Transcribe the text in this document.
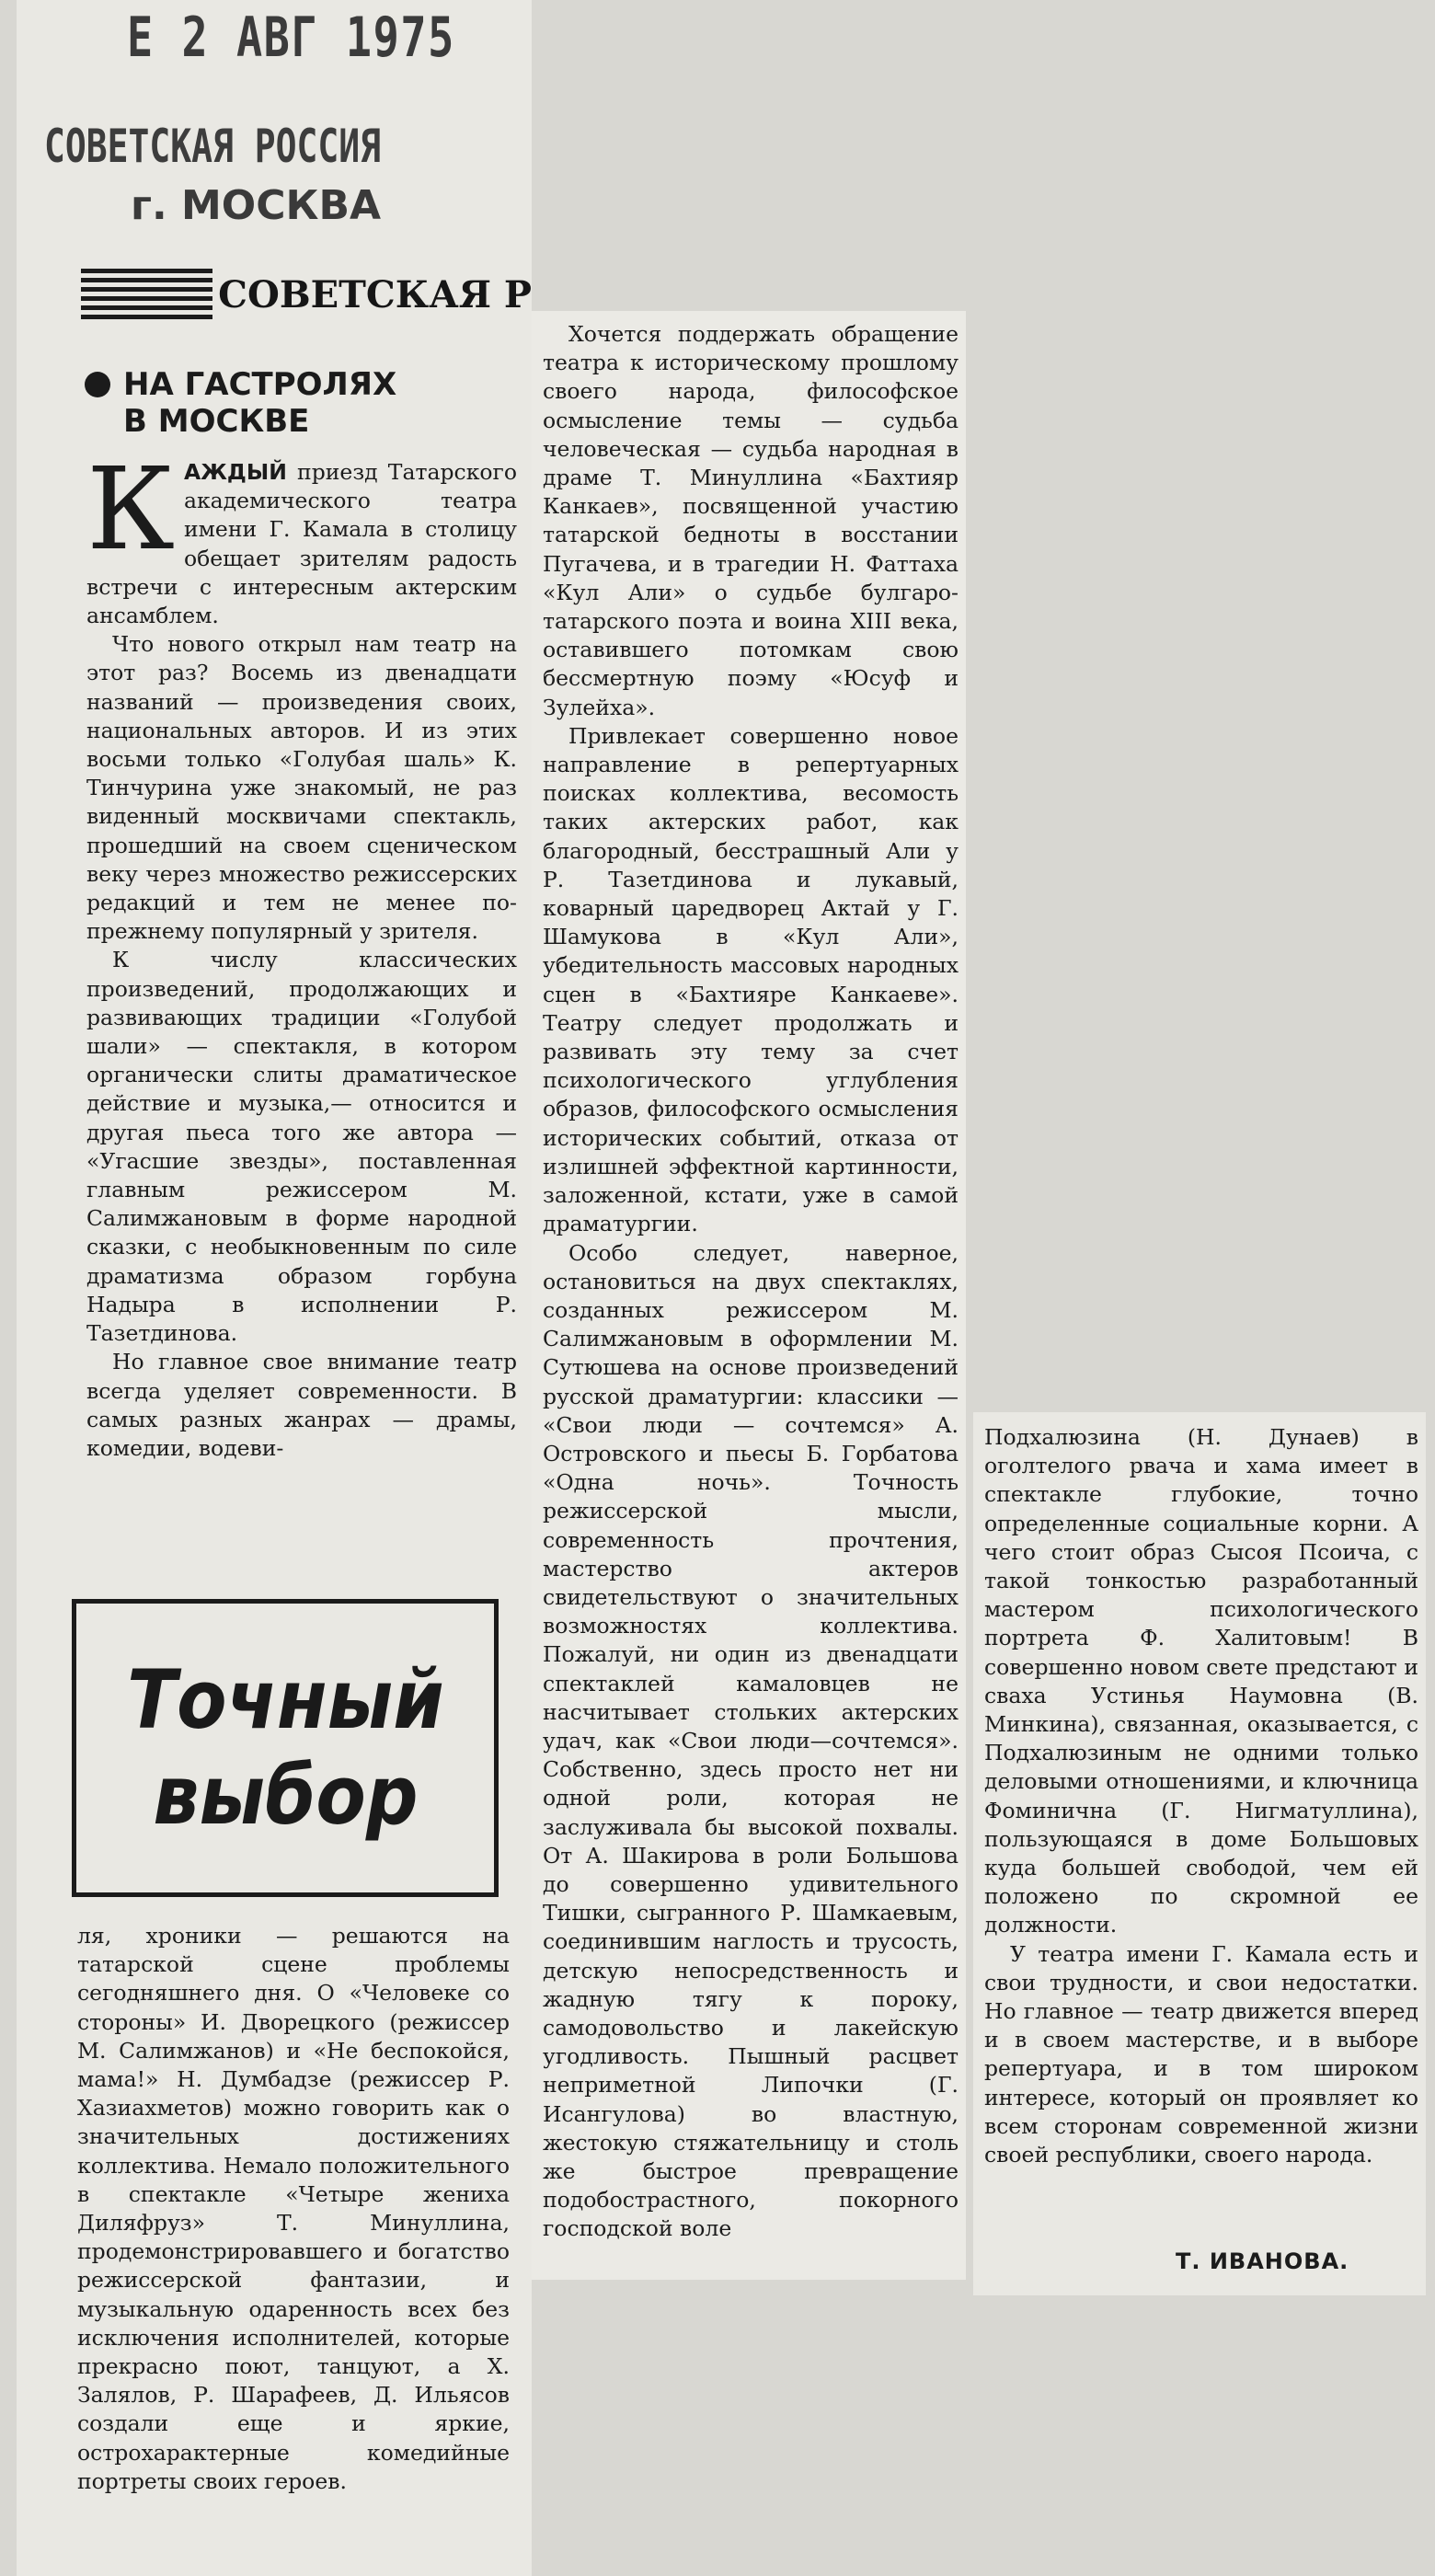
Е 2 АВГ 1975
СОВЕТСКАЯ РОССИЯ
г. МОСКВА
СОВЕТСКАЯ Р
НА ГАСТРОЛЯХ В МОСКВЕ

КАЖДЫЙ приезд Татарского академического театра имени Г. Камала в столицу обещает зрителям радость встречи с интересным актерским ансамблем.

Что нового открыл нам театр на этот раз? Восемь из двенадцати названий — произведения своих, национальных авторов. И из этих восьми только «Голубая шаль» К. Тинчурина уже знакомый, не раз виденный москвичами спектакль, прошедший на своем сценическом веку через множество режиссерских редакций и тем не менее по-прежнему популярный у зрителя.

К числу классических произведений, продолжающих и развивающих традиции «Голубой шали» — спектакля, в котором органически слиты драматическое действие и музыка,— относится и другая пьеса того же автора — «Угасшие звезды», поставленная главным режиссером М. Салимжановым в форме народной сказки, с необыкновенным по силе драматизма образом горбуна Надыра в исполнении Р. Тазетдинова.

Но главное свое внимание театр всегда уделяет современности. В самых разных жанрах — драмы, комедии, водеви-

Точный
выбор

ля, хроники — решаются на татарской сцене проблемы сегодняшнего дня. О «Человеке со стороны» И. Дворецкого (режиссер М. Салимжанов) и «Не беспокойся, мама!» Н. Думбадзе (режиссер Р. Хазиахметов) можно говорить как о значительных достижениях коллектива. Немало положительного в спектакле «Четыре жениха Диляфруз» Т. Минуллина, продемонстрировавшего и богатство режиссерской фантазии, и музыкальную одаренность всех без исключения исполнителей, которые прекрасно поют, танцуют, а Х. Залялов, Р. Шарафеев, Д. Ильясов создали еще и яркие, острохарактерные комедийные портреты своих героев.

Хочется поддержать обращение театра к историческому прошлому своего народа, философское осмысление темы — судьба человеческая — судьба народная в драме Т. Минуллина «Бахтияр Канкаев», посвященной участию татарской бедноты в восстании Пугачева, и в трагедии Н. Фаттаха «Кул Али» о судьбе булгаро-татарского поэта и воина XIII века, оставившего потомкам свою бессмертную поэму «Юсуф и Зулейха».

Привлекает совершенно новое направление в репертуарных поисках коллектива, весомость таких актерских работ, как благородный, бесстрашный Али у Р. Тазетдинова и лукавый, коварный царедворец Актай у Г. Шамукова в «Кул Али», убедительность массовых народных сцен в «Бахтияре Канкаеве». Театру следует продолжать и развивать эту тему за счет психологического углубления образов, философского осмысления исторических событий, отказа от излишней эффектной картинности, заложенной, кстати, уже в самой драматургии.

Особо следует, наверное, остановиться на двух спектаклях, созданных режиссером М. Салимжановым в оформлении М. Сутюшева на основе произведений русской драматургии: классики — «Свои люди — сочтемся» А. Островского и пьесы Б. Горбатова «Одна ночь». Точность режиссерской мысли, современность прочтения, мастерство актеров свидетельствуют о значительных возможностях коллектива. Пожалуй, ни один из двенадцати спектаклей камаловцев не насчитывает стольких актерских удач, как «Свои люди—сочтемся». Собственно, здесь просто нет ни одной роли, которая не заслуживала бы высокой похвалы. От А. Шакирова в роли Большова до совершенно удивительного Тишки, сыгранного Р. Шамкаевым, соединившим наглость и трусость, детскую непосредственность и жадную тягу к пороку, самодовольство и лакейскую угодливость. Пышный расцвет неприметной Липочки (Г. Исангулова) во властную, жестокую стяжательницу и столь же быстрое превращение подобострастного, покорного господской воле

Подхалюзина (Н. Дунаев) в оголтелого рвача и хама имеет в спектакле глубокие, точно определенные социальные корни. А чего стоит образ Сысоя Псоича, с такой тонкостью разработанный мастером психологического портрета Ф. Халитовым! В совершенно новом свете предстают и сваха Устинья Наумовна (В. Минкина), связанная, оказывается, с Подхалюзиным не одними только деловыми отношениями, и ключница Фоминична (Г. Нигматуллина), пользующаяся в доме Большовых куда большей свободой, чем ей положено по скромной ее должности.

У театра имени Г. Камала есть и свои трудности, и свои недостатки. Но главное — театр движется вперед и в своем мастерстве, и в выборе репертуара, и в том широком интересе, который он проявляет ко всем сторонам современной жизни своей республики, своего народа.

Т. ИВАНОВА.
